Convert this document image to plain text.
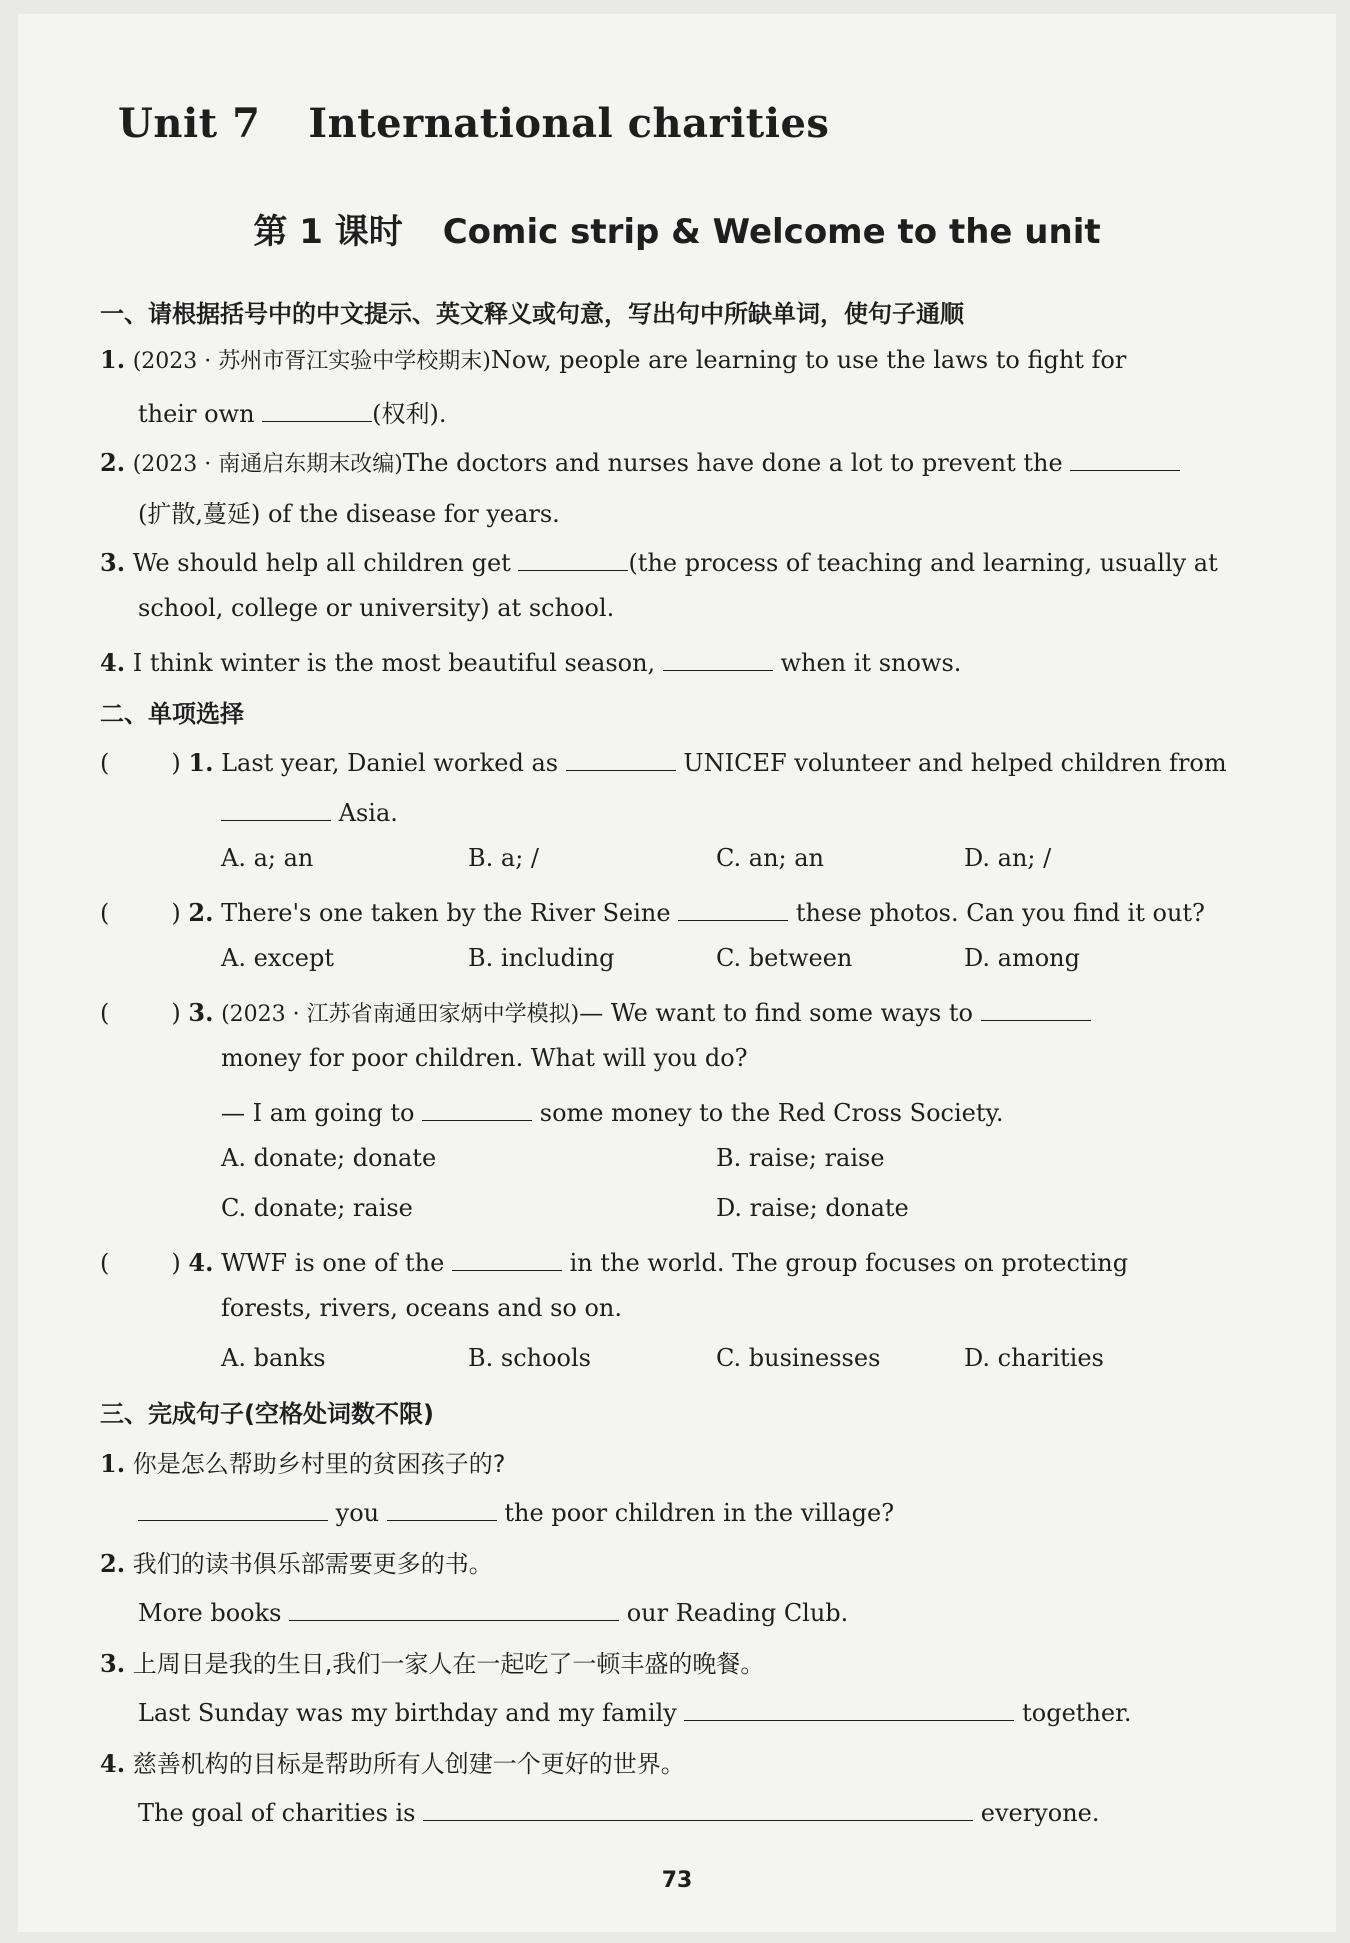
Unit 7 International charities
第 1 课时 Comic strip & Welcome to the unit
一、请根据括号中的中文提示、英文释义或句意，写出句中所缺单词，使句子通顺
1. (2023 · 苏州市胥江实验中学校期末)Now, people are learning to use the laws to fight for
their own	(权利).
2. (2023 · 南通启东期末改编)The doctors and nurses have done a lot to prevent the
(扩散,蔓延) of the disease for years.
3. We should help all children get	(the process of teaching and learning, usually at
school, college or university) at school.
4. I think winter is the most beautiful season,	when it snows.
二、单项选择
(	) 1. Last year, Daniel worked as	UNICEF volunteer and helped children from
Asia.
A. a; an	B. a; /	C. an; an	D. an; /
(	) 2. There's one taken by the River Seine	these photos. Can you find it out?
A. except	B. including	C. between	D. among
(	) 3. (2023 · 江苏省南通田家炳中学模拟)— We want to find some ways to
money for poor children. What will you do?
— I am going to	some money to the Red Cross Society.
A. donate; donate	B. raise; raise
C. donate; raise	D. raise; donate
(	) 4. WWF is one of the	in the world. The group focuses on protecting
forests, rivers, oceans and so on.
A. banks	B. schools	C. businesses	D. charities
三、完成句子(空格处词数不限)
1. 你是怎么帮助乡村里的贫困孩子的?
you	the poor children in the village?
2. 我们的读书俱乐部需要更多的书。
More books	our Reading Club.
3. 上周日是我的生日,我们一家人在一起吃了一顿丰盛的晚餐。
Last Sunday was my birthday and my family	together.
4. 慈善机构的目标是帮助所有人创建一个更好的世界。
The goal of charities is	everyone.
73
